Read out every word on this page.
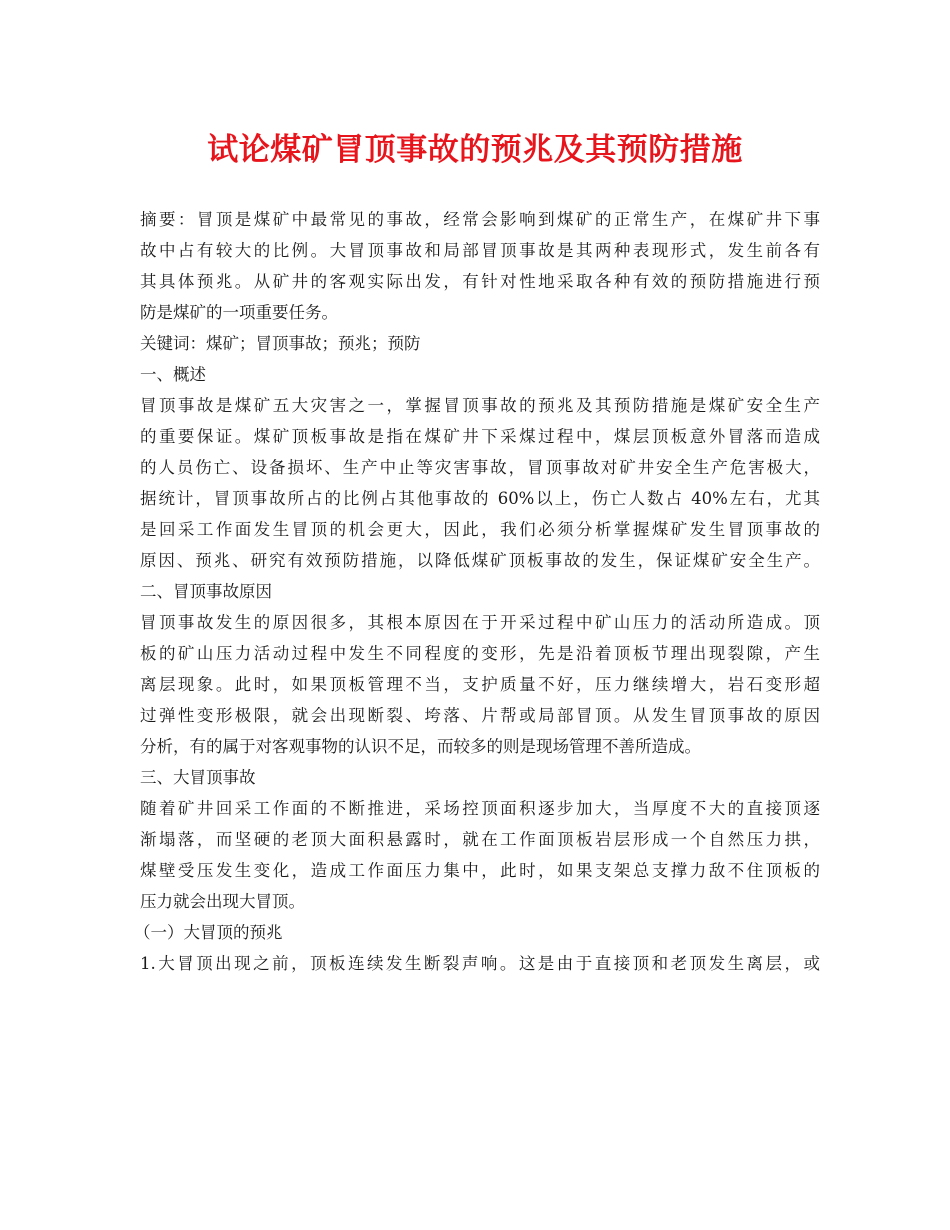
试论煤矿冒顶事故的预兆及其预防措施
摘要：冒顶是煤矿中最常见的事故，经常会影响到煤矿的正常生产，在煤矿井下事
故中占有较大的比例。大冒顶事故和局部冒顶事故是其两种表现形式，发生前各有
其具体预兆。从矿井的客观实际出发，有针对性地采取各种有效的预防措施进行预
防是煤矿的一项重要任务。
关键词：煤矿；冒顶事故；预兆；预防
一、概述
冒顶事故是煤矿五大灾害之一，掌握冒顶事故的预兆及其预防措施是煤矿安全生产
的重要保证。煤矿顶板事故是指在煤矿井下采煤过程中，煤层顶板意外冒落而造成
的人员伤亡、设备损坏、生产中止等灾害事故，冒顶事故对矿井安全生产危害极大，
据统计，冒顶事故所占的比例占其他事故的 60%以上，伤亡人数占 40%左右，尤其
是回采工作面发生冒顶的机会更大，因此，我们必须分析掌握煤矿发生冒顶事故的
原因、预兆、研究有效预防措施，以降低煤矿顶板事故的发生，保证煤矿安全生产。
二、冒顶事故原因
冒顶事故发生的原因很多，其根本原因在于开采过程中矿山压力的活动所造成。顶
板的矿山压力活动过程中发生不同程度的变形，先是沿着顶板节理出现裂隙，产生
离层现象。此时，如果顶板管理不当，支护质量不好，压力继续增大，岩石变形超
过弹性变形极限，就会出现断裂、垮落、片帮或局部冒顶。从发生冒顶事故的原因
分析，有的属于对客观事物的认识不足，而较多的则是现场管理不善所造成。
三、大冒顶事故
随着矿井回采工作面的不断推进，采场控顶面积逐步加大，当厚度不大的直接顶逐
渐塌落，而坚硬的老顶大面积悬露时，就在工作面顶板岩层形成一个自然压力拱，
煤壁受压发生变化，造成工作面压力集中，此时，如果支架总支撑力敌不住顶板的
压力就会出现大冒顶。
（一）大冒顶的预兆
1.大冒顶出现之前，顶板连续发生断裂声响。这是由于直接顶和老顶发生离层，或
